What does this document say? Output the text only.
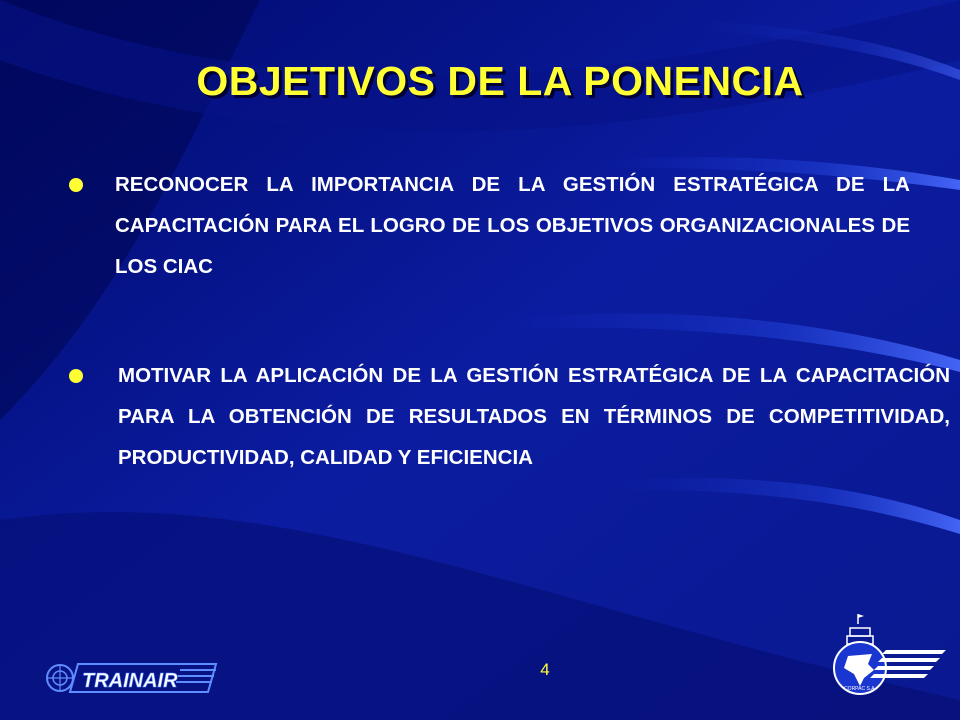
OBJETIVOS DE LA PONENCIA
RECONOCER LA IMPORTANCIA DE LA GESTIÓN ESTRATÉGICA DE LA CAPACITACIÓN PARA EL LOGRO DE LOS OBJETIVOS ORGANIZACIONALES DE LOS CIAC
MOTIVAR LA APLICACIÓN DE LA GESTIÓN ESTRATÉGICA DE LA CAPACITACIÓN PARA LA OBTENCIÓN DE RESULTADOS EN TÉRMINOS DE COMPETITIVIDAD, PRODUCTIVIDAD, CALIDAD Y EFICIENCIA
4
TRAINAIR	CORPAC S.A.
